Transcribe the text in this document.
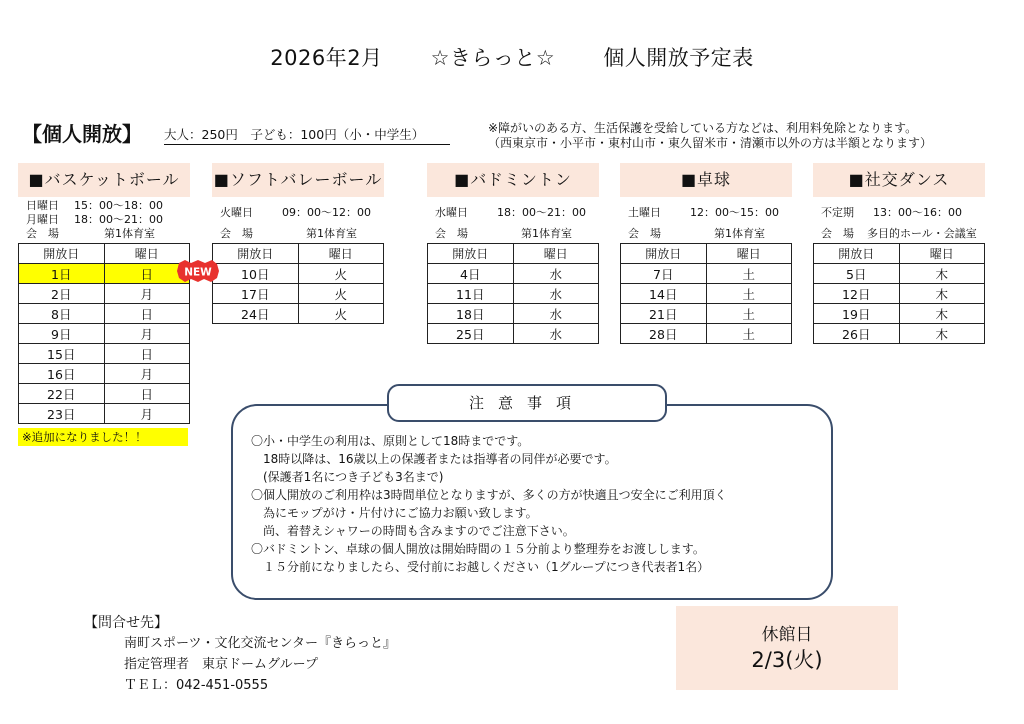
2026年2月 ☆きらっと☆ 個人開放予定表
【個人開放】 大人：250円　子ども：100円（小・中学生）	※障がいのある方、生活保護を受給している方などは、利用料免除となります。
（西東京市・小平市・東村山市・東久留米市・清瀬市以外の方は半額となります）
■バスケットボール
日曜日 15：00～18：00
月曜日 18：00～21：00
会　場	第1体育室
開放日	曜日
1日	日
2日	月
8日	日
9日	月
15日	日
16日	月
22日	日
23日	月
■ソフトバレーボール
火曜日	09：00～12：00
会　場	第1体育室
開放日	曜日
10日	火
17日	火
24日	火
■バドミントン
水曜日	18：00～21：00
会　場	第1体育室
開放日	曜日
4日	水
11日	水
18日	水
25日	水
■卓球
土曜日	12：00～15：00
会　場	第1体育室
開放日	曜日
7日	土
14日	土
21日	土
28日	土
■社交ダンス
不定期 13：00～16：00
会　場 多目的ホール・会議室
開放日	曜日
5日	木
12日	木
19日	木
26日	木
NEW
※追加になりました！！
注意事項
〇小・中学生の利用は、原則として18時までです。
　18時以降は、16歳以上の保護者または指導者の同伴が必要です。
　(保護者1名につき子ども3名まで)
〇個人開放のご利用枠は3時間単位となりますが、多くの方が快適且つ安全にご利用頂く
　為にモップがけ・片付けにご協力お願い致します。
　尚、着替えシャワーの時間も含みますのでご注意下さい。
〇バドミントン、卓球の個人開放は開始時間の１５分前より整理券をお渡しします。
　１５分前になりましたら、受付前にお越しください（1グループにつき代表者1名）
【問合せ先】
南町スポーツ・文化交流センター『きらっと』
指定管理者　東京ドームグループ
ＴＥＬ：042-451-0555
休館日
2/3(火)
